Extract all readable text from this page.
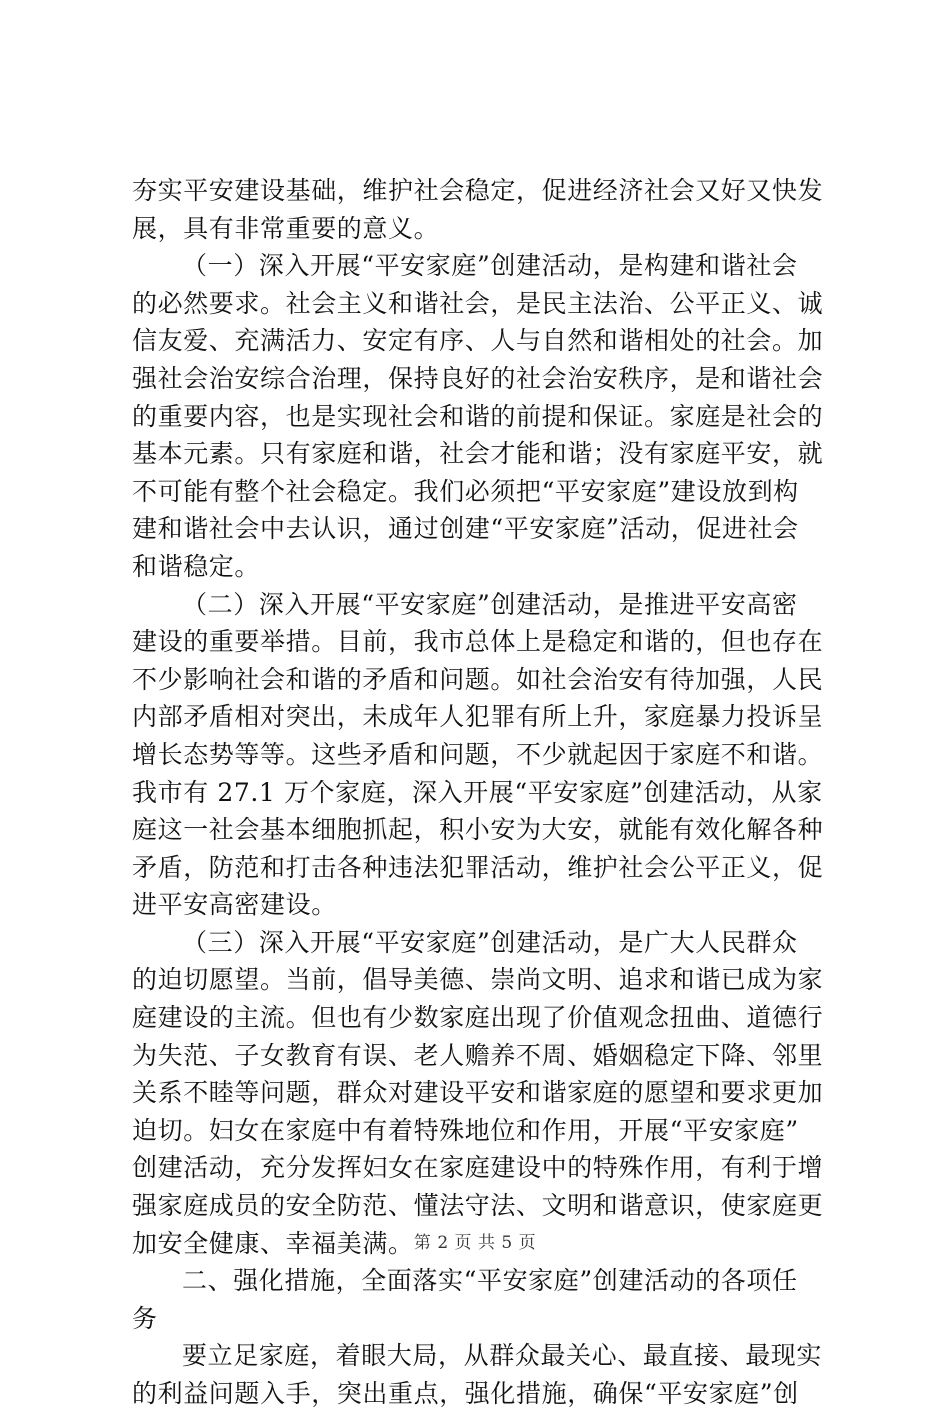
夯实平安建设基础，维护社会稳定，促进经济社会又好又快发
展，具有非常重要的意义。
（一）深入开展“平安家庭”创建活动，是构建和谐社会
的必然要求。社会主义和谐社会，是民主法治、公平正义、诚
信友爱、充满活力、安定有序、人与自然和谐相处的社会。加
强社会治安综合治理，保持良好的社会治安秩序，是和谐社会
的重要内容，也是实现社会和谐的前提和保证。家庭是社会的
基本元素。只有家庭和谐，社会才能和谐；没有家庭平安，就
不可能有整个社会稳定。我们必须把“平安家庭”建设放到构
建和谐社会中去认识，通过创建“平安家庭”活动，促进社会
和谐稳定。
（二）深入开展“平安家庭”创建活动，是推进平安高密
建设的重要举措。目前，我市总体上是稳定和谐的，但也存在
不少影响社会和谐的矛盾和问题。如社会治安有待加强，人民
内部矛盾相对突出，未成年人犯罪有所上升，家庭暴力投诉呈
增长态势等等。这些矛盾和问题，不少就起因于家庭不和谐。
我市有 27.1 万个家庭，深入开展“平安家庭”创建活动，从家
庭这一社会基本细胞抓起，积小安为大安，就能有效化解各种
矛盾，防范和打击各种违法犯罪活动，维护社会公平正义，促
进平安高密建设。
（三）深入开展“平安家庭”创建活动，是广大人民群众
的迫切愿望。当前，倡导美德、崇尚文明、追求和谐已成为家
庭建设的主流。但也有少数家庭出现了价值观念扭曲、道德行
为失范、子女教育有误、老人赡养不周、婚姻稳定下降、邻里
关系不睦等问题，群众对建设平安和谐家庭的愿望和要求更加
迫切。妇女在家庭中有着特殊地位和作用，开展“平安家庭”
创建活动，充分发挥妇女在家庭建设中的特殊作用，有利于增
强家庭成员的安全防范、懂法守法、文明和谐意识，使家庭更
加安全健康、幸福美满。
二、强化措施，全面落实“平安家庭”创建活动的各项任
务
要立足家庭，着眼大局，从群众最关心、最直接、最现实
的利益问题入手，突出重点，强化措施，确保“平安家庭”创
第 2 页 共 5 页
